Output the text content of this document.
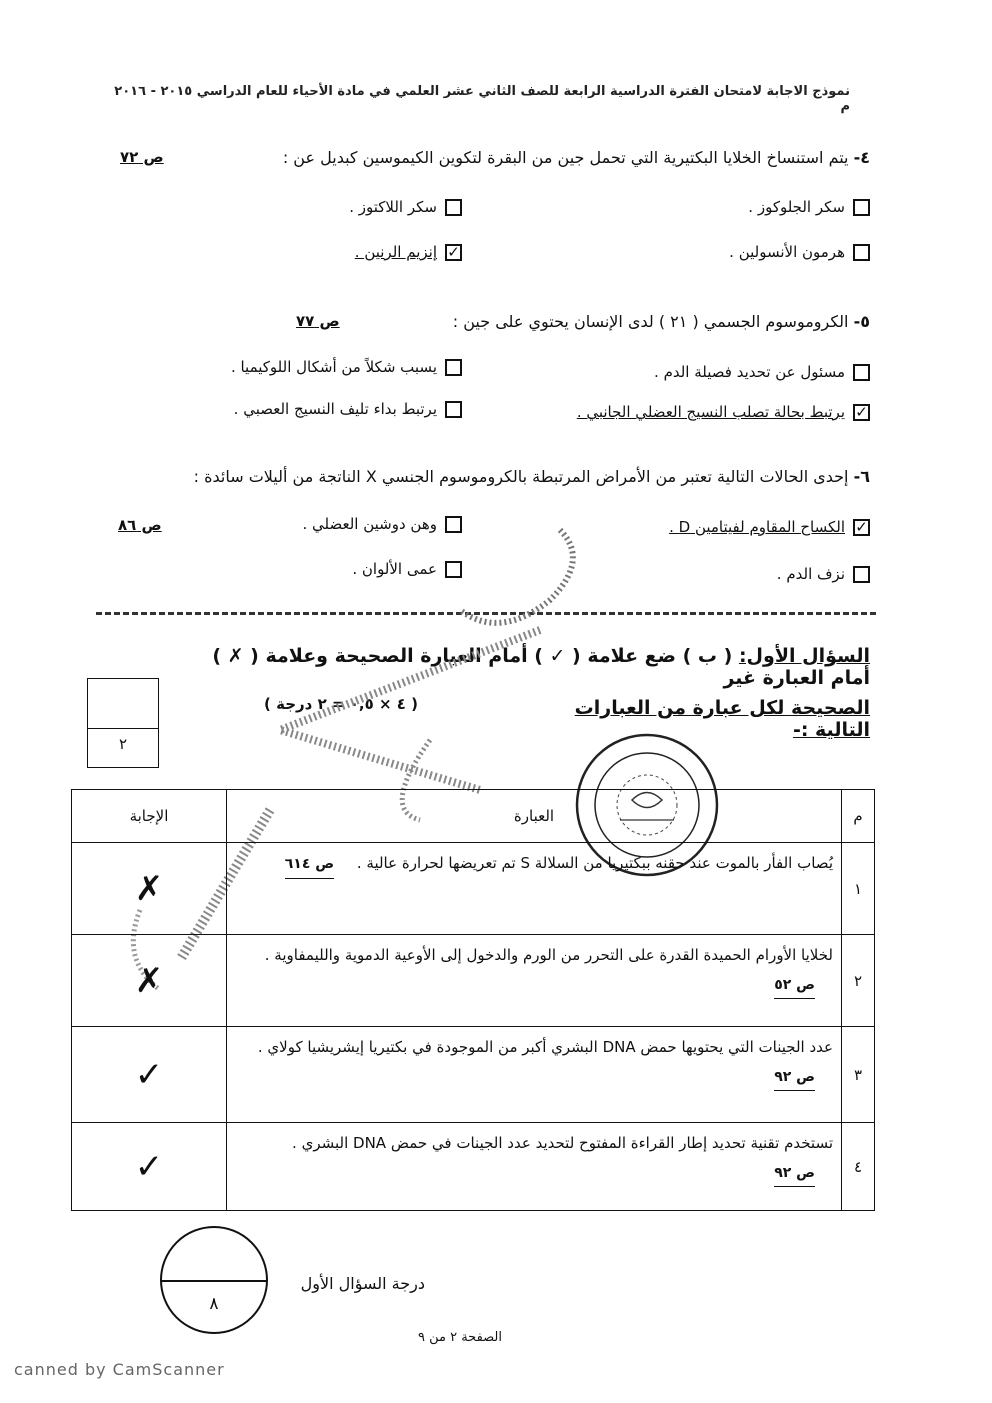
نموذج الاجابة لامتحان الفترة الدراسية الرابعة للصف الثاني عشر العلمي في مادة الأحياء للعام الدراسي ٢٠١٥ - ٢٠١٦ م
٤- يتم استنساخ الخلايا البكتيرية التي تحمل جين من البقرة لتكوين الكيموسين كبديل عن :
ص ٧٢
سكر الجلوكوز .
سكر اللاكتوز .
هرمون الأنسولين .
✓
إنزيم الرنين .
٥- الكروموسوم الجسمي ( ٢١ ) لدى الإنسان يحتوي على جين :
ص ٧٧
مسئول عن تحديد فصيلة الدم .
يسبب شكلاً من أشكال اللوكيميا .
✓
يرتبط بحالة تصلب النسيج العضلي الجانبي .
يرتبط بداء تليف النسيج العصبي .
٦- إحدى الحالات التالية تعتبر من الأمراض المرتبطة بالكروموسوم الجنسي X الناتجة من أليلات سائدة :
ص ٨٦	✓
الكساح المقاوم لفيتامين D .
وهن دوشين العضلي .
نزف الدم .
عمى الألوان .
السؤال الأول: ( ب ) ضع علامة ( ✓ ) أمام العبارة الصحيحة وعلامة ( ✗ ) أمام العبارة غير
الصحيحة لكل عبارة من العبارات التالية :-
( ٤ × ٠,٥ = ٢ درجة )
٢
م	العبارة	الإجابة
١	يُصاب الفأر بالموت عند حقنه ببكتيريا من السلالة S تم تعريضها لحرارة عالية . ص ٦١٤	✗
٢	لخلايا الأورام الحميدة القدرة على التحرر من الورم والدخول إلى الأوعية الدموية والليمفاوية . ص ٥٢	✗
٣	عدد الجينات التي يحتويها حمض DNA البشري أكبر من الموجودة في بكتيريا إيشريشيا كولاي . ص ٩٢	✓
٤	تستخدم تقنية تحديد إطار القراءة المفتوح لتحديد عدد الجينات في حمض DNA البشري . ص ٩٢	✓
٨
درجة السؤال الأول
الصفحة ٢ من ٩
canned by CamScanner
